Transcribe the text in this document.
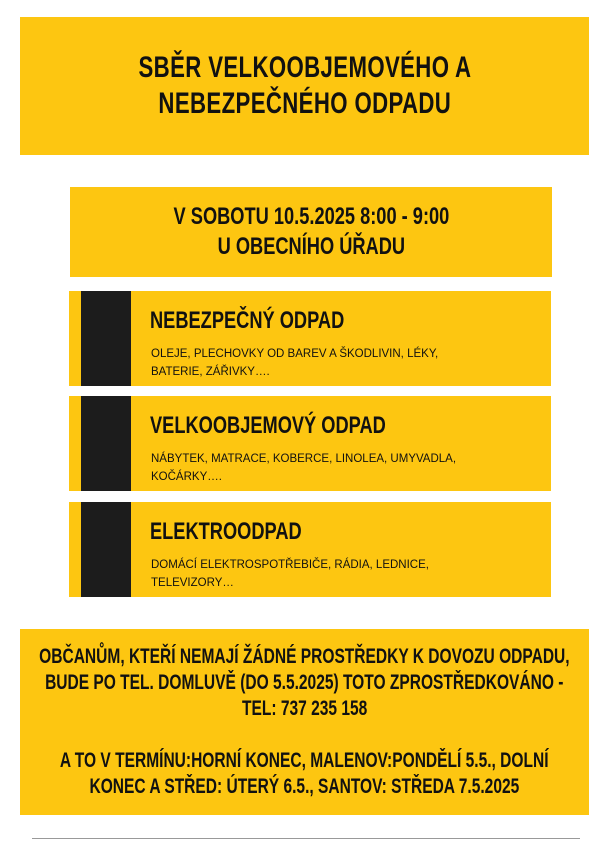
SBĚR VELKOOBJEMOVÉHO A
NEBEZPEČNÉHO ODPADU
V SOBOTU 10.5.2025 8:00 - 9:00
U OBECNÍHO ÚŘADU
NEBEZPEČNÝ ODPAD
OLEJE, PLECHOVKY OD BAREV A ŠKODLIVIN, LÉKY,
BATERIE, ZÁŘIVKY….
VELKOOBJEMOVÝ ODPAD
NÁBYTEK, MATRACE, KOBERCE, LINOLEA, UMYVADLA,
KOČÁRKY….
ELEKTROODPAD
DOMÁCÍ ELEKTROSPOTŘEBIČE, RÁDIA, LEDNICE,
TELEVIZORY…
OBČANŮM, KTEŘÍ NEMAJÍ ŽÁDNÉ PROSTŘEDKY K DOVOZU ODPADU,
BUDE PO TEL. DOMLUVĚ (DO 5.5.2025) TOTO ZPROSTŘEDKOVÁNO -
TEL: 737 235 158
A TO V TERMÍNU:HORNÍ KONEC, MALENOV:PONDĚLÍ 5.5., DOLNÍ
KONEC A STŘED: ÚTERÝ 6.5., SANTOV: STŘEDA 7.5.2025
